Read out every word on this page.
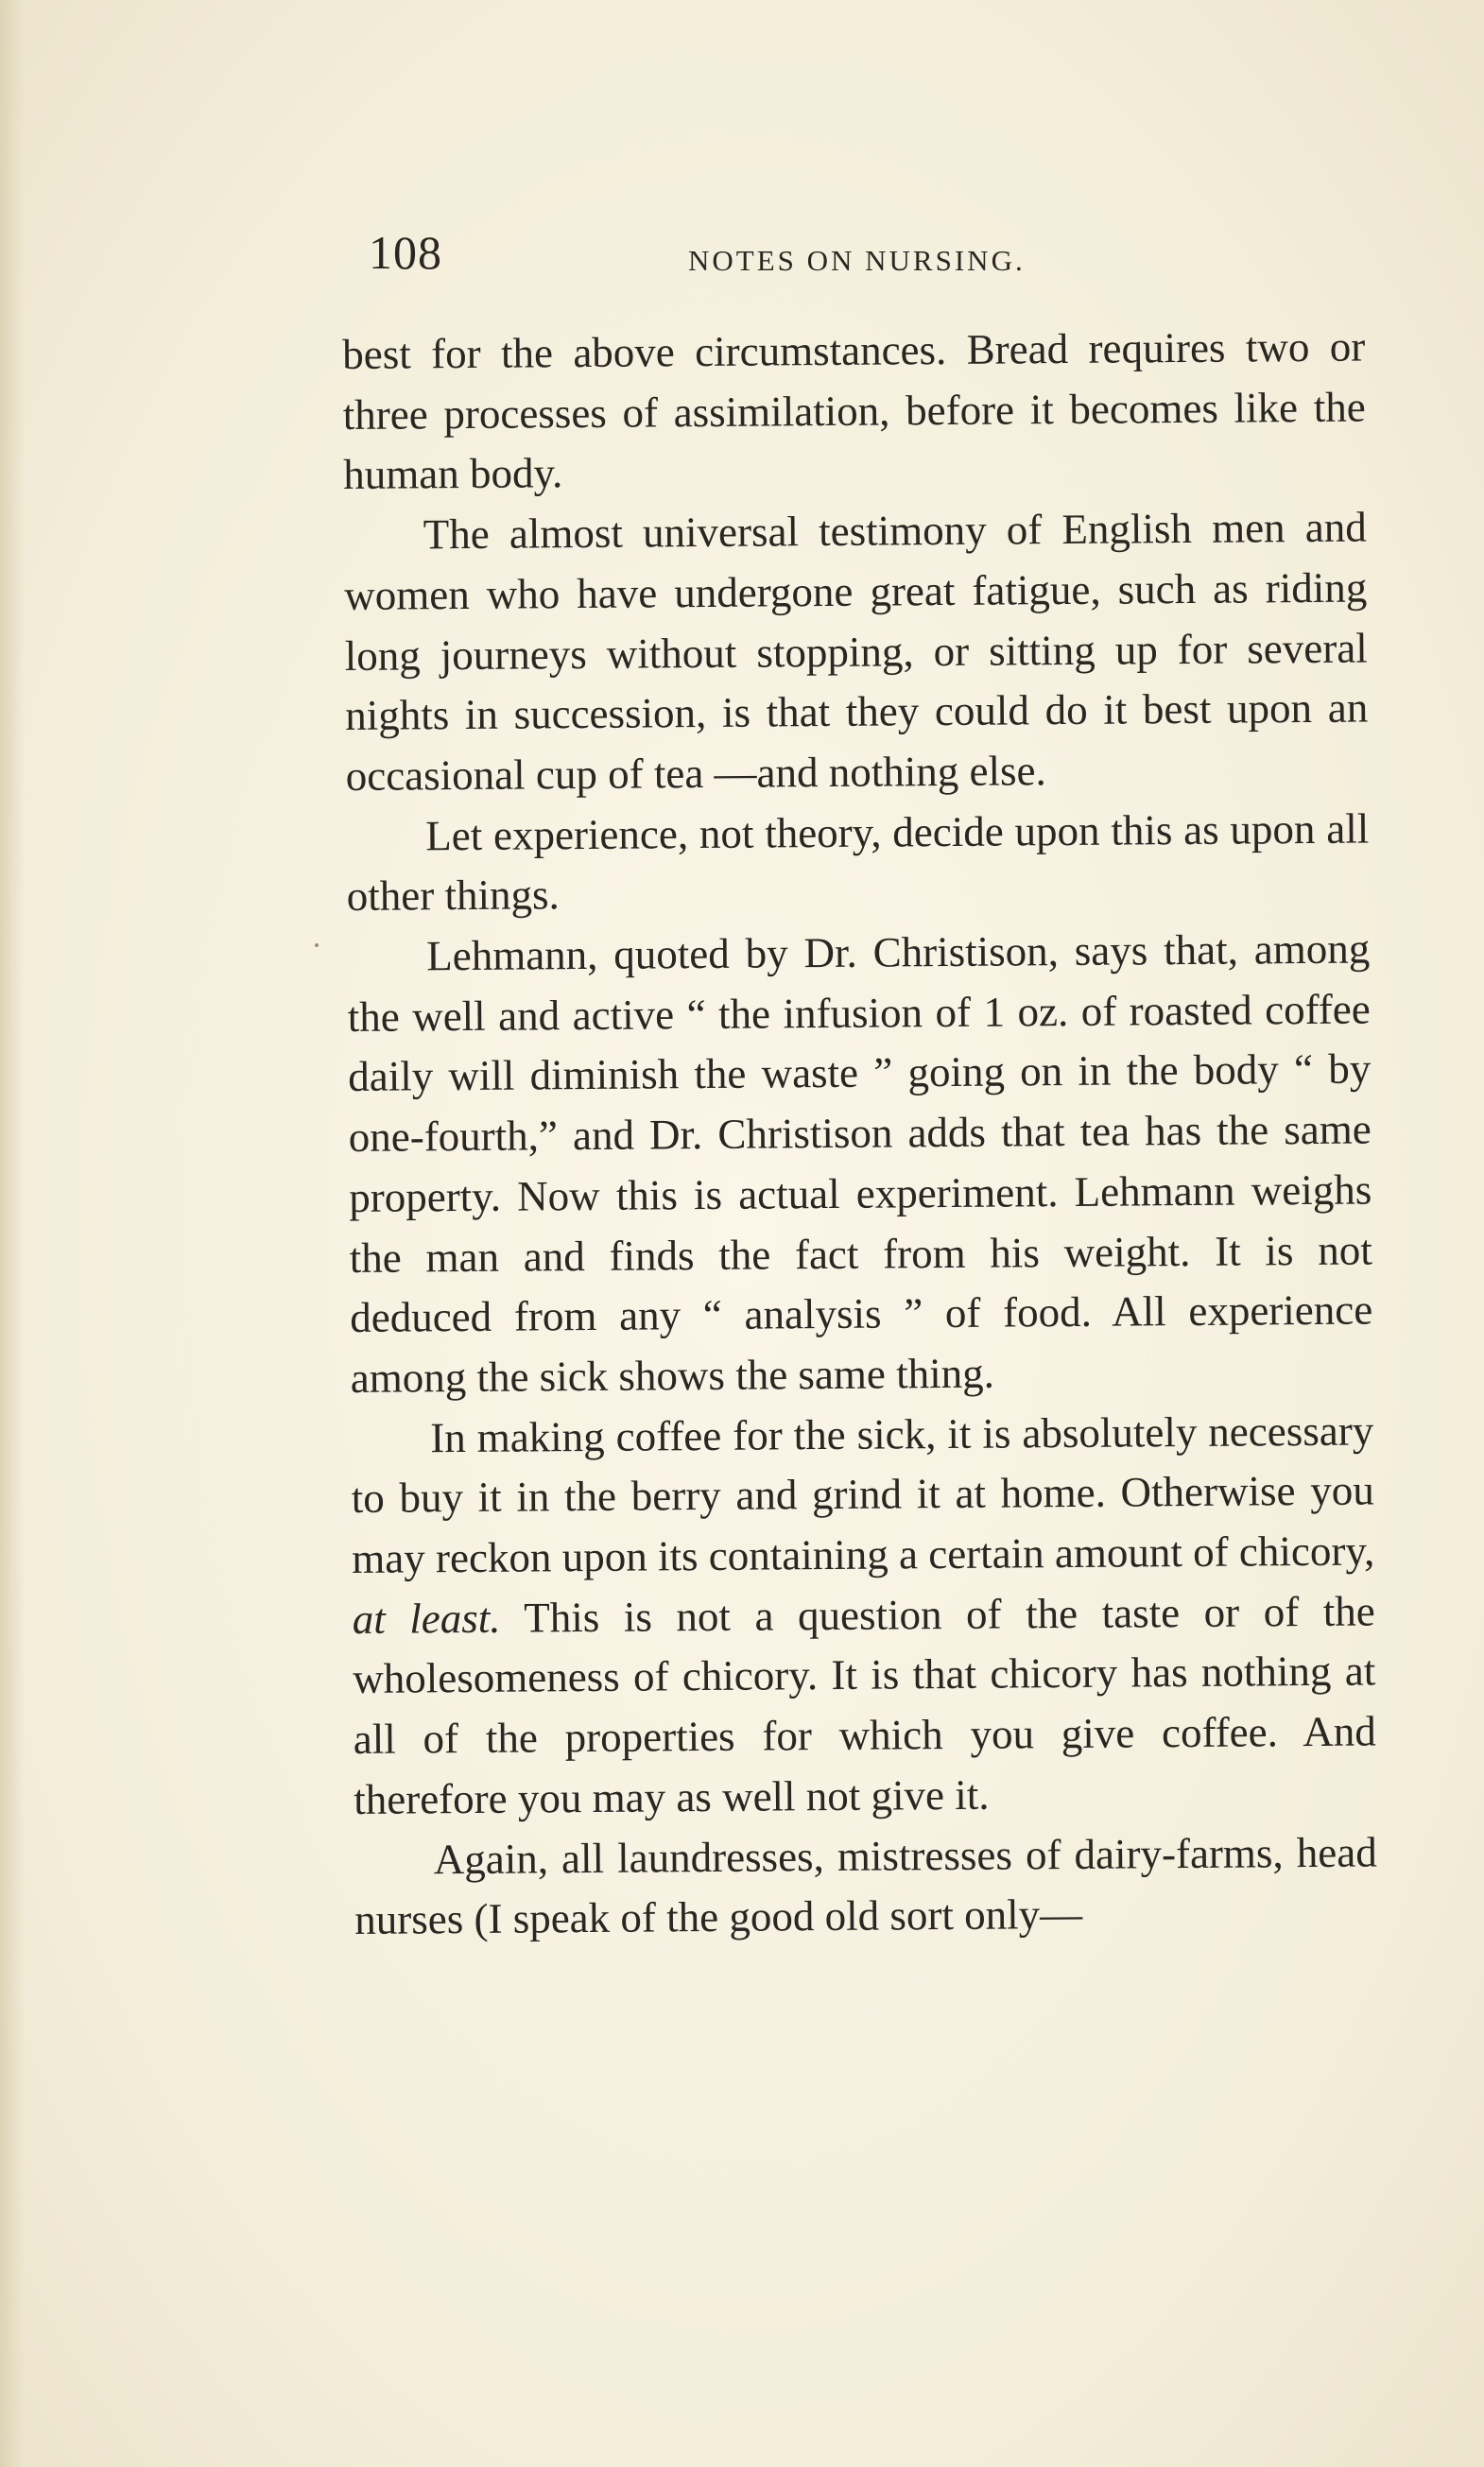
108	NOTES ON NURSING.

best for the above circumstances. Bread requires two or three processes of assimilation, before it becomes like the human body.

The almost universal testimony of English men and women who have undergone great fatigue, such as riding long journeys without stopping, or sitting up for several nights in succession, is that they could do it best upon an occasional cup of tea —and nothing else.

Let experience, not theory, decide upon this as upon all other things.

Lehmann, quoted by Dr. Christison, says that, among the well and active “ the infusion of 1 oz. of roasted coffee daily will diminish the waste ” going on in the body “ by one-fourth,” and Dr. Christison adds that tea has the same property. Now this is actual experiment. Lehmann weighs the man and finds the fact from his weight. It is not deduced from any “ analysis ” of food. All experience among the sick shows the same thing.

In making coffee for the sick, it is absolutely necessary to buy it in the berry and grind it at home. Otherwise you may reckon upon its containing a certain amount of chicory, at least. This is not a question of the taste or of the wholesomeness of chicory. It is that chicory has nothing at all of the properties for which you give coffee. And therefore you may as well not give it.

Again, all laundresses, mistresses of dairy-farms, head nurses (I speak of the good old sort only—
